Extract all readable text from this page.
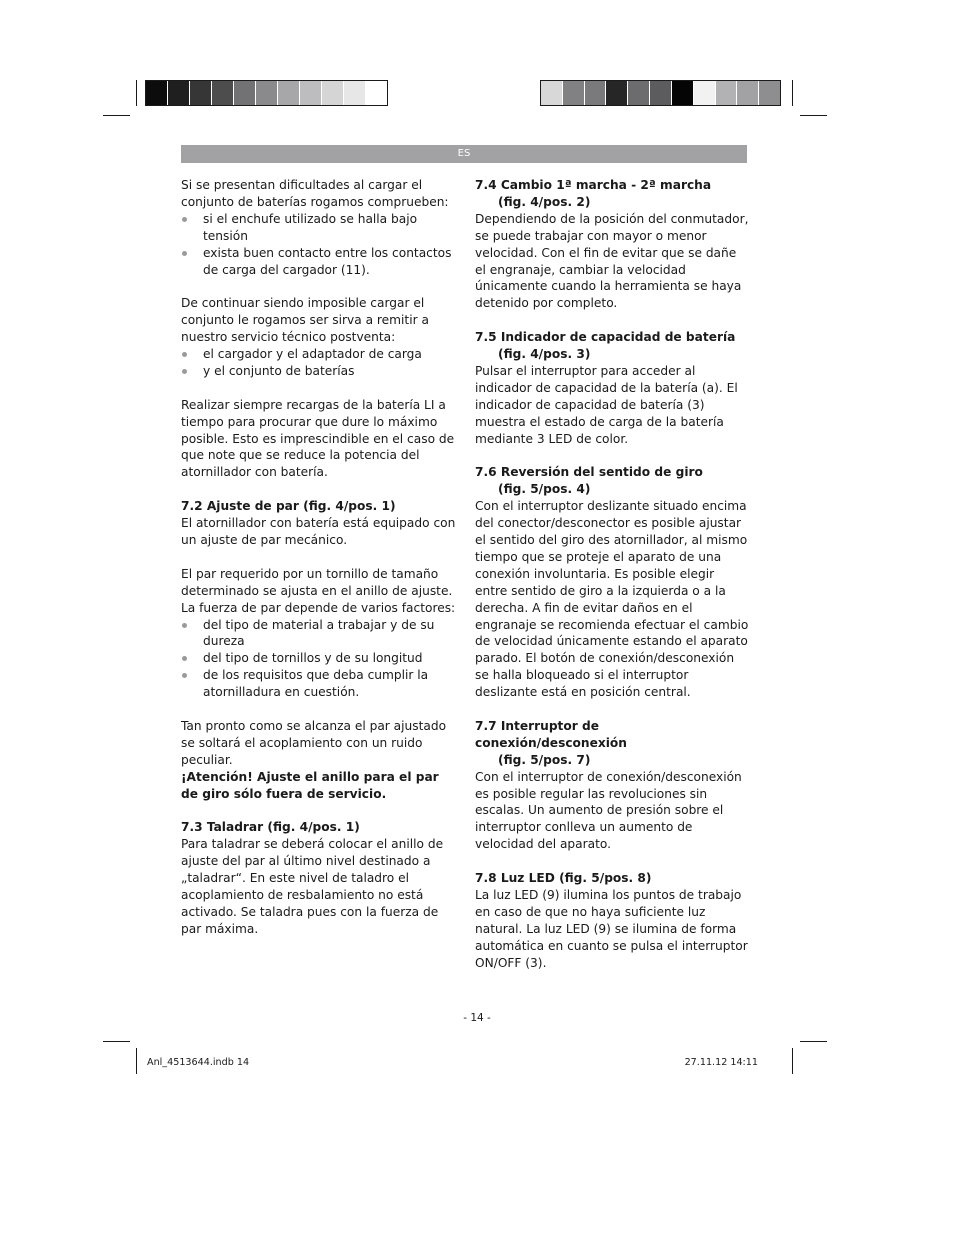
ES

Si se presentan dificultades al cargar el conjunto de baterías rogamos comprueben:

si el enchufe utilizado se halla bajo tensión
exista buen contacto entre los contactos de carga del cargador (11).

De continuar siendo imposible cargar el conjunto le rogamos ser sirva a remitir a nuestro servicio técnico postventa:

el cargador y el adaptador de carga
y el conjunto de baterías

Realizar siempre recargas de la batería LI a tiempo para procurar que dure lo máximo posible. Esto es imprescindible en el caso de que note que se reduce la potencia del atornillador con batería.

7.2 Ajuste de par (fig. 4/pos. 1)

El atornillador con batería está equipado con un ajuste de par mecánico.

El par requerido por un tornillo de tamaño determinado se ajusta en el anillo de ajuste. La fuerza de par depende de varios factores:

del tipo de material a trabajar y de su dureza
del tipo de tornillos y de su longitud
de los requisitos que deba cumplir la atornilladura en cuestión.

Tan pronto como se alcanza el par ajustado se soltará el acoplamiento con un ruido peculiar.

¡Atención! Ajuste el anillo para el par de giro sólo fuera de servicio.

7.3 Taladrar (fig. 4/pos. 1)

Para taladrar se deberá colocar el anillo de ajuste del par al último nivel destinado a „taladrar“. En este nivel de taladro el acoplamiento de resbalamiento no está activado. Se taladra pues con la fuerza de par máxima.

7.4 Cambio 1ª marcha - 2ª marcha
(fig. 4/pos. 2)

Dependiendo de la posición del conmutador, se puede trabajar con mayor o menor velocidad. Con el fin de evitar que se dañe el engranaje, cambiar la velocidad únicamente cuando la herramienta se haya detenido por completo.

7.5 Indicador de capacidad de batería
(fig. 4/pos. 3)

Pulsar el interruptor para acceder al indicador de capacidad de la batería (a). El indicador de capacidad de batería (3) muestra el estado de carga de la batería mediante 3 LED de color.

7.6 Reversión del sentido de giro
(fig. 5/pos. 4)

Con el interruptor deslizante situado encima del conector/desconector es posible ajustar el sentido del giro des atornillador, al mismo tiempo que se proteje el aparato de una conexión involuntaria. Es posible elegir entre sentido de giro a la izquierda o a la derecha. A fin de evitar daños en el engranaje se recomienda efectuar el cambio de velocidad únicamente estando el aparato parado. El botón de conexión/desconexión se halla bloqueado si el interruptor deslizante está en posición central.

7.7 Interruptor de conexión/desconexión
(fig. 5/pos. 7)

Con el interruptor de conexión/desconexión es posible regular las revoluciones sin escalas. Un aumento de presión sobre el interruptor conlleva un aumento de velocidad del aparato.

7.8 Luz LED (fig. 5/pos. 8)

La luz LED (9) ilumina los puntos de trabajo en caso de que no haya suficiente luz natural. La luz LED (9) se ilumina de forma automática en cuanto se pulsa el interruptor ON/OFF (3).

- 14 -
Anl_4513644.indb 14	27.11.12 14:11
